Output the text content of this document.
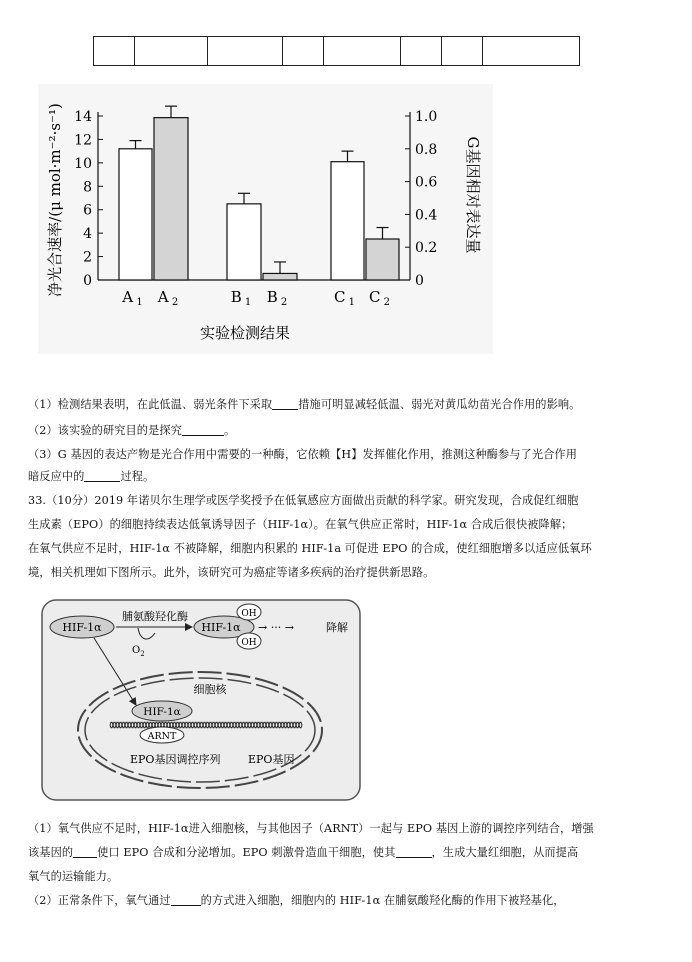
0
2
4
6
8
10
12
14
0
0.2
0.4
0.6
0.8
1.0
A $_1$ A $_2$	B $_1$ B $_2$	C $_1$ C $_2$
净光合速率/(μ mol·m⁻²·s⁻¹)	G基因相对表达量
实验检测结果
（1）检测结果表明，在此低温、弱光条件下采取 措施可明显减轻低温、弱光对黄瓜幼苗光合作用的影响。
（2）该实验的研究目的是探究	。
（3）G 基因的表达产物是光合作用中需要的一种酶，它依赖【H】发挥催化作用，推测这种酶参与了光合作用
暗反应中的	过程。
33.（10分）2019 年诺贝尔生理学或医学奖授予在低氧感应方面做出贡献的科学家。研究发现，合成促红细胞
生成素（EPO）的细胞持续表达低氧诱导因子（HIF-1α）。在氧气供应正常时，HIF-1α 合成后很快被降解；
在氧气供应不足时，HIF-1α 不被降解，细胞内积累的 HIF-1a 可促进 EPO 的合成，使红细胞增多以适应低氧环
境，相关机理如下图所示。此外，该研究可为癌症等诸多疾病的治疗提供新思路。
HIF-1α
脯氨酸羟化酶
$O_2$
HIF-1α
OH
OH
→ ··· →	降解
细胞核
HIF-1α
ARNT
EPO基因调控序列	EPO基因
（1）氧气供应不足时，HIF-1α进入细胞核，与其他因子（ARNT）一起与 EPO 基因上游的调控序列结合，增强
该基因的 使口 EPO 合成和分泌增加。EPO 刺激骨造血干细胞，使其	，生成大量红细胞，从而提高
氧气的运输能力。
（2）正常条件下，氧气通过	的方式进入细胞，细胞内的 HIF-1α 在脯氨酸羟化酶的作用下被羟基化，
